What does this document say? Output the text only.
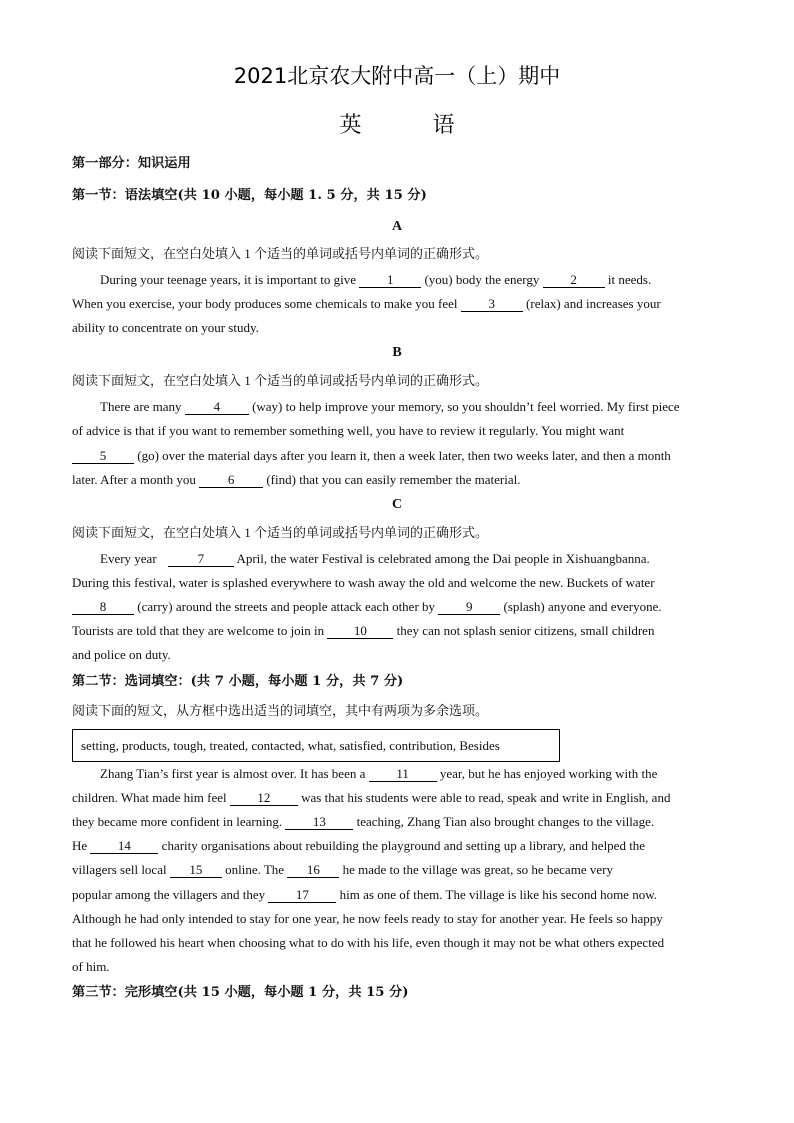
2021北京农大附中高一（上）期中
英 语
第一部分：知识运用
第一节：语法填空(共 10 小题，每小题 1. 5 分，共 15 分)
A
阅读下面短文，在空白处填入 1 个适当的单词或括号内单词的正确形式。
During your teenage years, it is important to give 1 (you) body the energy 2 it needs.
When you exercise, your body produces some chemicals to make you feel 3 (relax) and increases your
ability to concentrate on your study.
B
阅读下面短文，在空白处填入 1 个适当的单词或括号内单词的正确形式。
There are many 4 (way) to help improve your memory, so you shouldn’t feel worried. My first piece
of advice is that if you want to remember something well, you have to review it regularly. You might want
5 (go) over the material days after you learn it, then a week later, then two weeks later, and then a month
later. After a month you 6 (find) that you can easily remember the material.
C
阅读下面短文，在空白处填入 1 个适当的单词或括号内单词的正确形式。
Every year	7 April, the water Festival is celebrated among the Dai people in Xishuangbanna.
During this festival, water is splashed everywhere to wash away the old and welcome the new. Buckets of water
8 (carry) around the streets and people attack each other by 9 (splash) anyone and everyone.
Tourists are told that they are welcome to join in 10 they can not splash senior citizens, small children
and police on duty.
第二节：选词填空：(共 7 小题，每小题 1 分，共 7 分)
阅读下面的短文，从方框中选出适当的词填空，其中有两项为多余选项。
setting, products, tough, treated, contacted, what, satisfied, contribution, Besides
Zhang Tian’s first year is almost over. It has been a 11 year, but he has enjoyed working with the
children. What made him feel 12 was that his students were able to read, speak and write in English, and
they became more confident in learning. 13 teaching, Zhang Tian also brought changes to the village.
He 14 charity organisations about rebuilding the playground and setting up a library, and helped the
villagers sell local 15 online. The 16 he made to the village was great, so he became very
popular among the villagers and they 17 him as one of them. The village is like his second home now.
Although he had only intended to stay for one year, he now feels ready to stay for another year. He feels so happy
that he followed his heart when choosing what to do with his life, even though it may not be what others expected
of him.
第三节：完形填空(共 15 小题，每小题 1 分，共 15 分)
